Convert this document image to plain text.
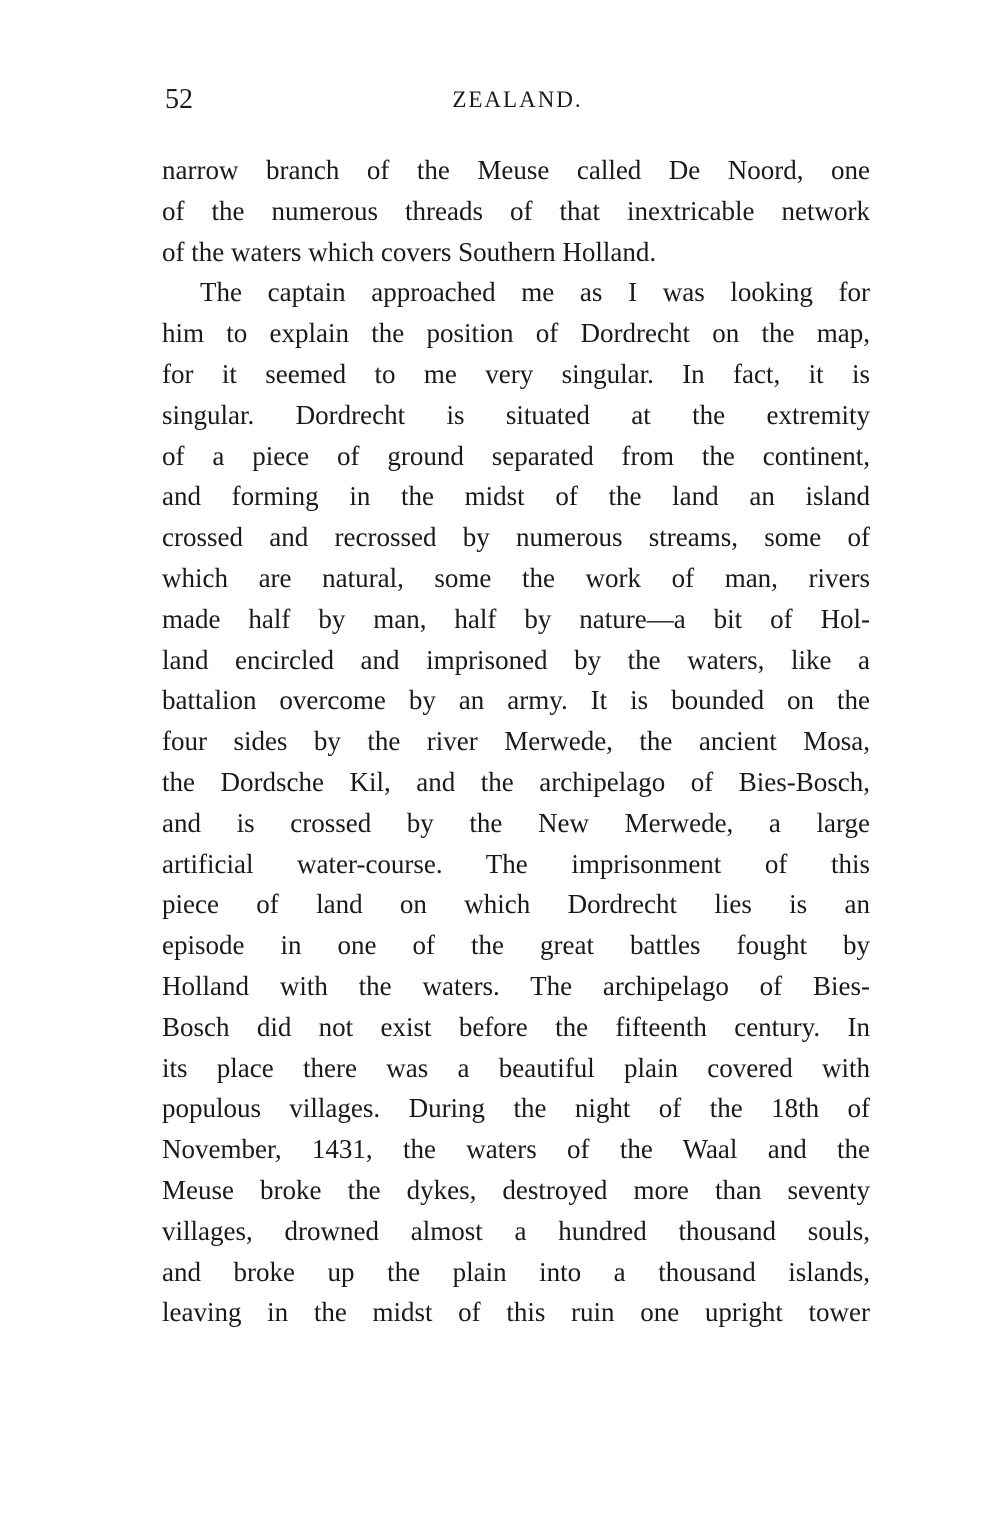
52	ZEALAND.
narrow branch of the Meuse called De Noord, one
of the numerous threads of that inextricable network
of the waters which covers Southern Holland.
The captain approached me as I was looking for
him to explain the position of Dordrecht on the map,
for it seemed to me very singular. In fact, it is
singular. Dordrecht is situated at the extremity
of a piece of ground separated from the continent,
and forming in the midst of the land an island
crossed and recrossed by numerous streams, some of
which are natural, some the work of man, rivers
made half by man, half by nature—a bit of Hol-
land encircled and imprisoned by the waters, like a
battalion overcome by an army. It is bounded on the
four sides by the river Merwede, the ancient Mosa,
the Dordsche Kil, and the archipelago of Bies-Bosch,
and is crossed by the New Merwede, a large
artificial water-course. The imprisonment of this
piece of land on which Dordrecht lies is an
episode in one of the great battles fought by
Holland with the waters. The archipelago of Bies-
Bosch did not exist before the fifteenth century. In
its place there was a beautiful plain covered with
populous villages. During the night of the 18th of
November, 1431, the waters of the Waal and the
Meuse broke the dykes, destroyed more than seventy
villages, drowned almost a hundred thousand souls,
and broke up the plain into a thousand islands,
leaving in the midst of this ruin one upright tower
